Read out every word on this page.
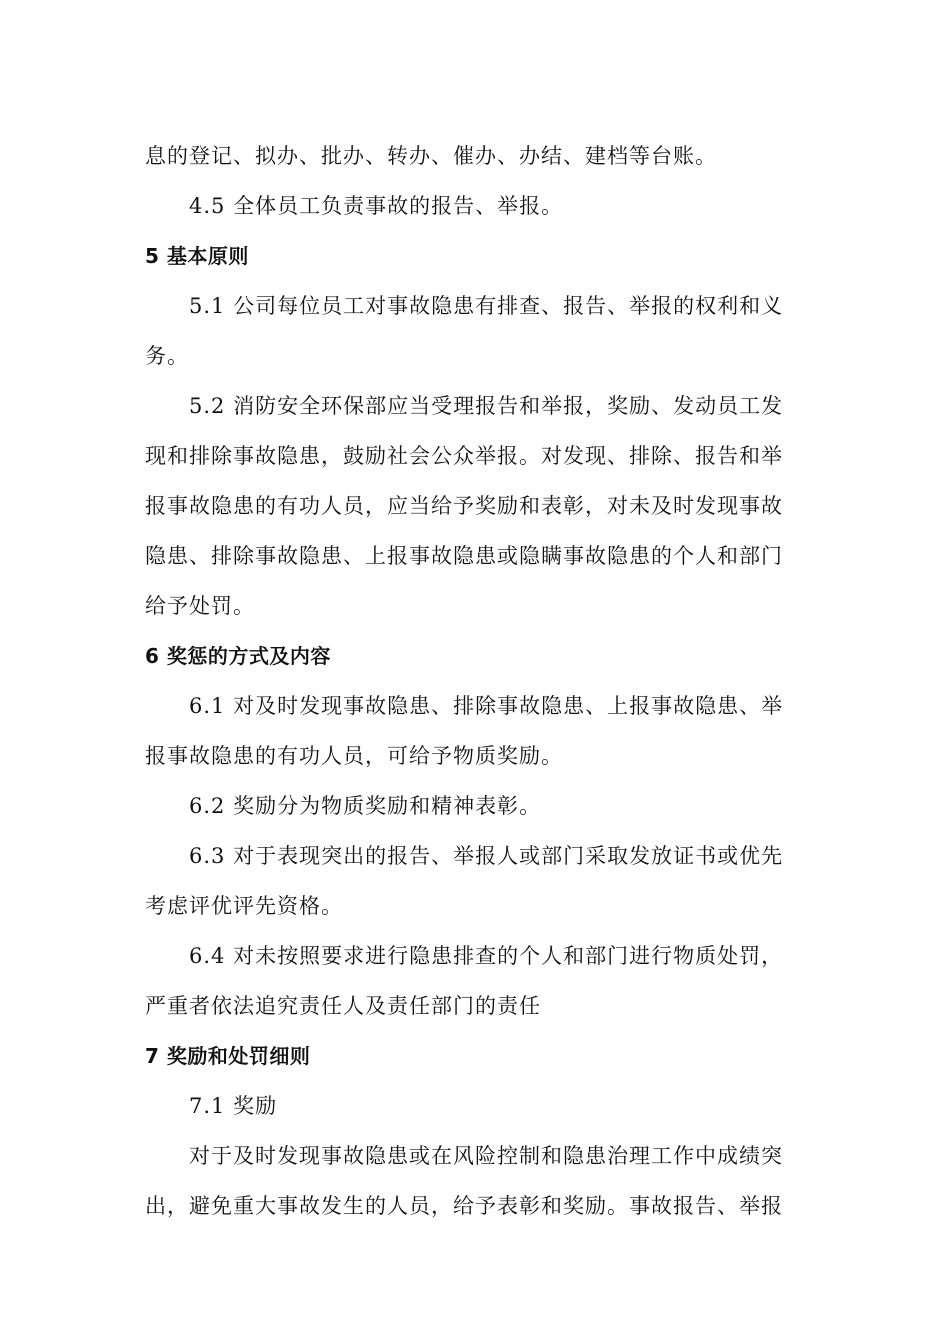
息的登记、拟办、批办、转办、催办、办结、建档等台账。

4.5 全体员工负责事故的报告、举报。

5 基本原则

5.1 公司每位员工对事故隐患有排查、报告、举报的权利和义
务。

5.2 消防安全环保部应当受理报告和举报，奖励、发动员工发
现和排除事故隐患，鼓励社会公众举报。对发现、排除、报告和举
报事故隐患的有功人员，应当给予奖励和表彰，对未及时发现事故
隐患、排除事故隐患、上报事故隐患或隐瞒事故隐患的个人和部门
给予处罚。

6 奖惩的方式及内容

6.1 对及时发现事故隐患、排除事故隐患、上报事故隐患、举
报事故隐患的有功人员，可给予物质奖励。

6.2 奖励分为物质奖励和精神表彰。

6.3 对于表现突出的报告、举报人或部门采取发放证书或优先
考虑评优评先资格。

6.4 对未按照要求进行隐患排查的个人和部门进行物质处罚，
严重者依法追究责任人及责任部门的责任

7 奖励和处罚细则

7.1 奖励

对于及时发现事故隐患或在风险控制和隐患治理工作中成绩突
出，避免重大事故发生的人员，给予表彰和奖励。事故报告、举报
